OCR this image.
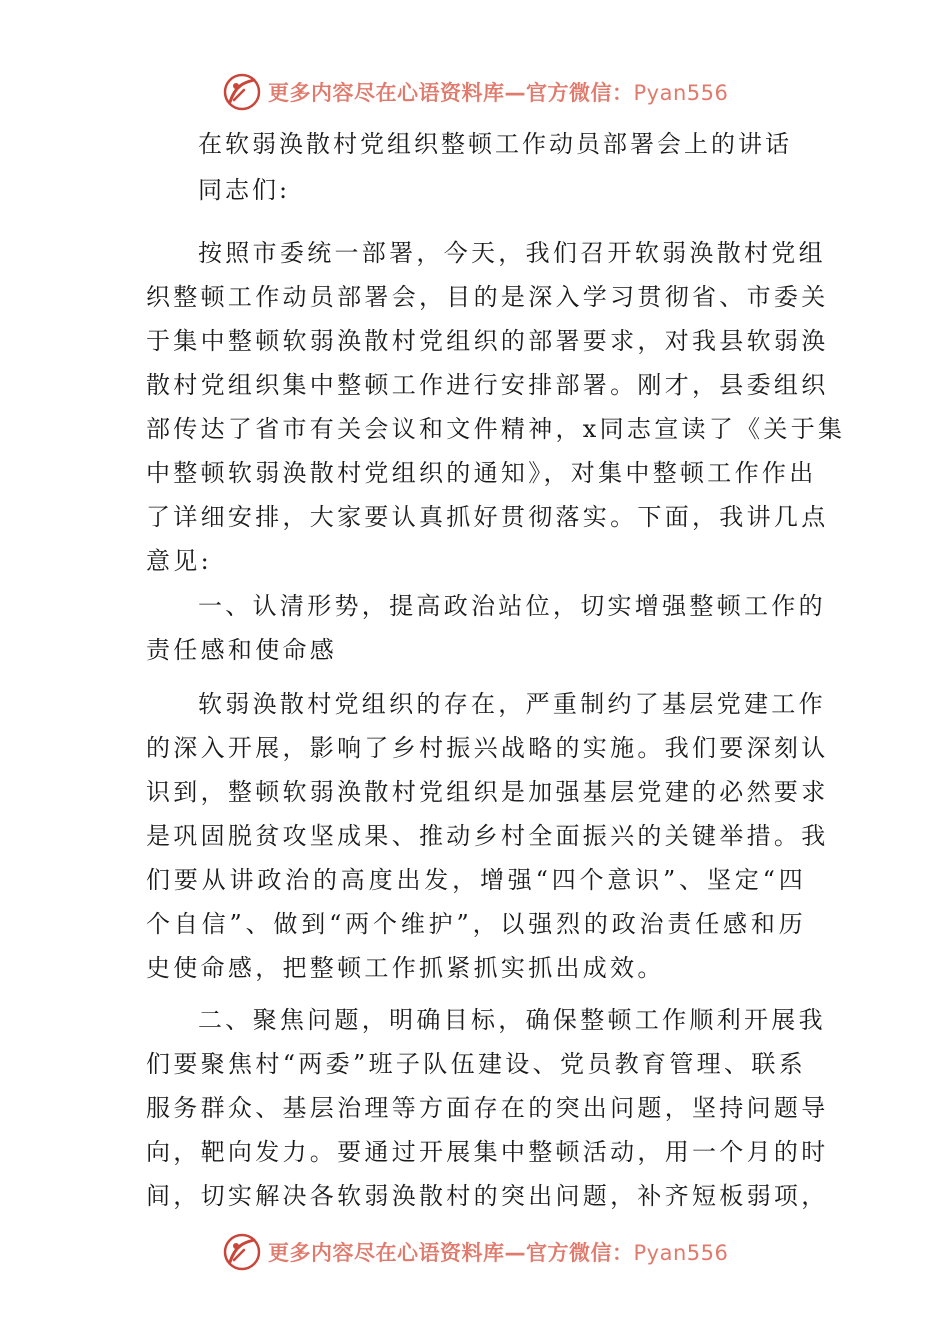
更多内容尽在心语资料库—官方微信：Pyan556
在软弱涣散村党组织整顿工作动员部署会上的讲话

同志们:

按照市委统一部署，今天，我们召开软弱涣散村党组
织整顿工作动员部署会，目的是深入学习贯彻省、市委关
于集中整顿软弱涣散村党组织的部署要求，对我县软弱涣
散村党组织集中整顿工作进行安排部署。刚才，县委组织
部传达了省市有关会议和文件精神，x同志宣读了《关于集
中整顿软弱涣散村党组织的通知》，对集中整顿工作作出
了详细安排，大家要认真抓好贯彻落实。下面，我讲几点
意见:
一、认清形势，提高政治站位，切实增强整顿工作的
责任感和使命感
软弱涣散村党组织的存在，严重制约了基层党建工作
的深入开展，影响了乡村振兴战略的实施。我们要深刻认
识到，整顿软弱涣散村党组织是加强基层党建的必然要求
是巩固脱贫攻坚成果、推动乡村全面振兴的关键举措。我
们要从讲政治的高度出发，增强“四个意识”、坚定“四
个自信”、做到“两个维护”，以强烈的政治责任感和历
史使命感，把整顿工作抓紧抓实抓出成效。
二、聚焦问题，明确目标，确保整顿工作顺利开展我
们要聚焦村“两委”班子队伍建设、党员教育管理、联系
服务群众、基层治理等方面存在的突出问题，坚持问题导
向，靶向发力。要通过开展集中整顿活动，用一个月的时
间，切实解决各软弱涣散村的突出问题，补齐短板弱项，
更多内容尽在心语资料库—官方微信：Pyan556
